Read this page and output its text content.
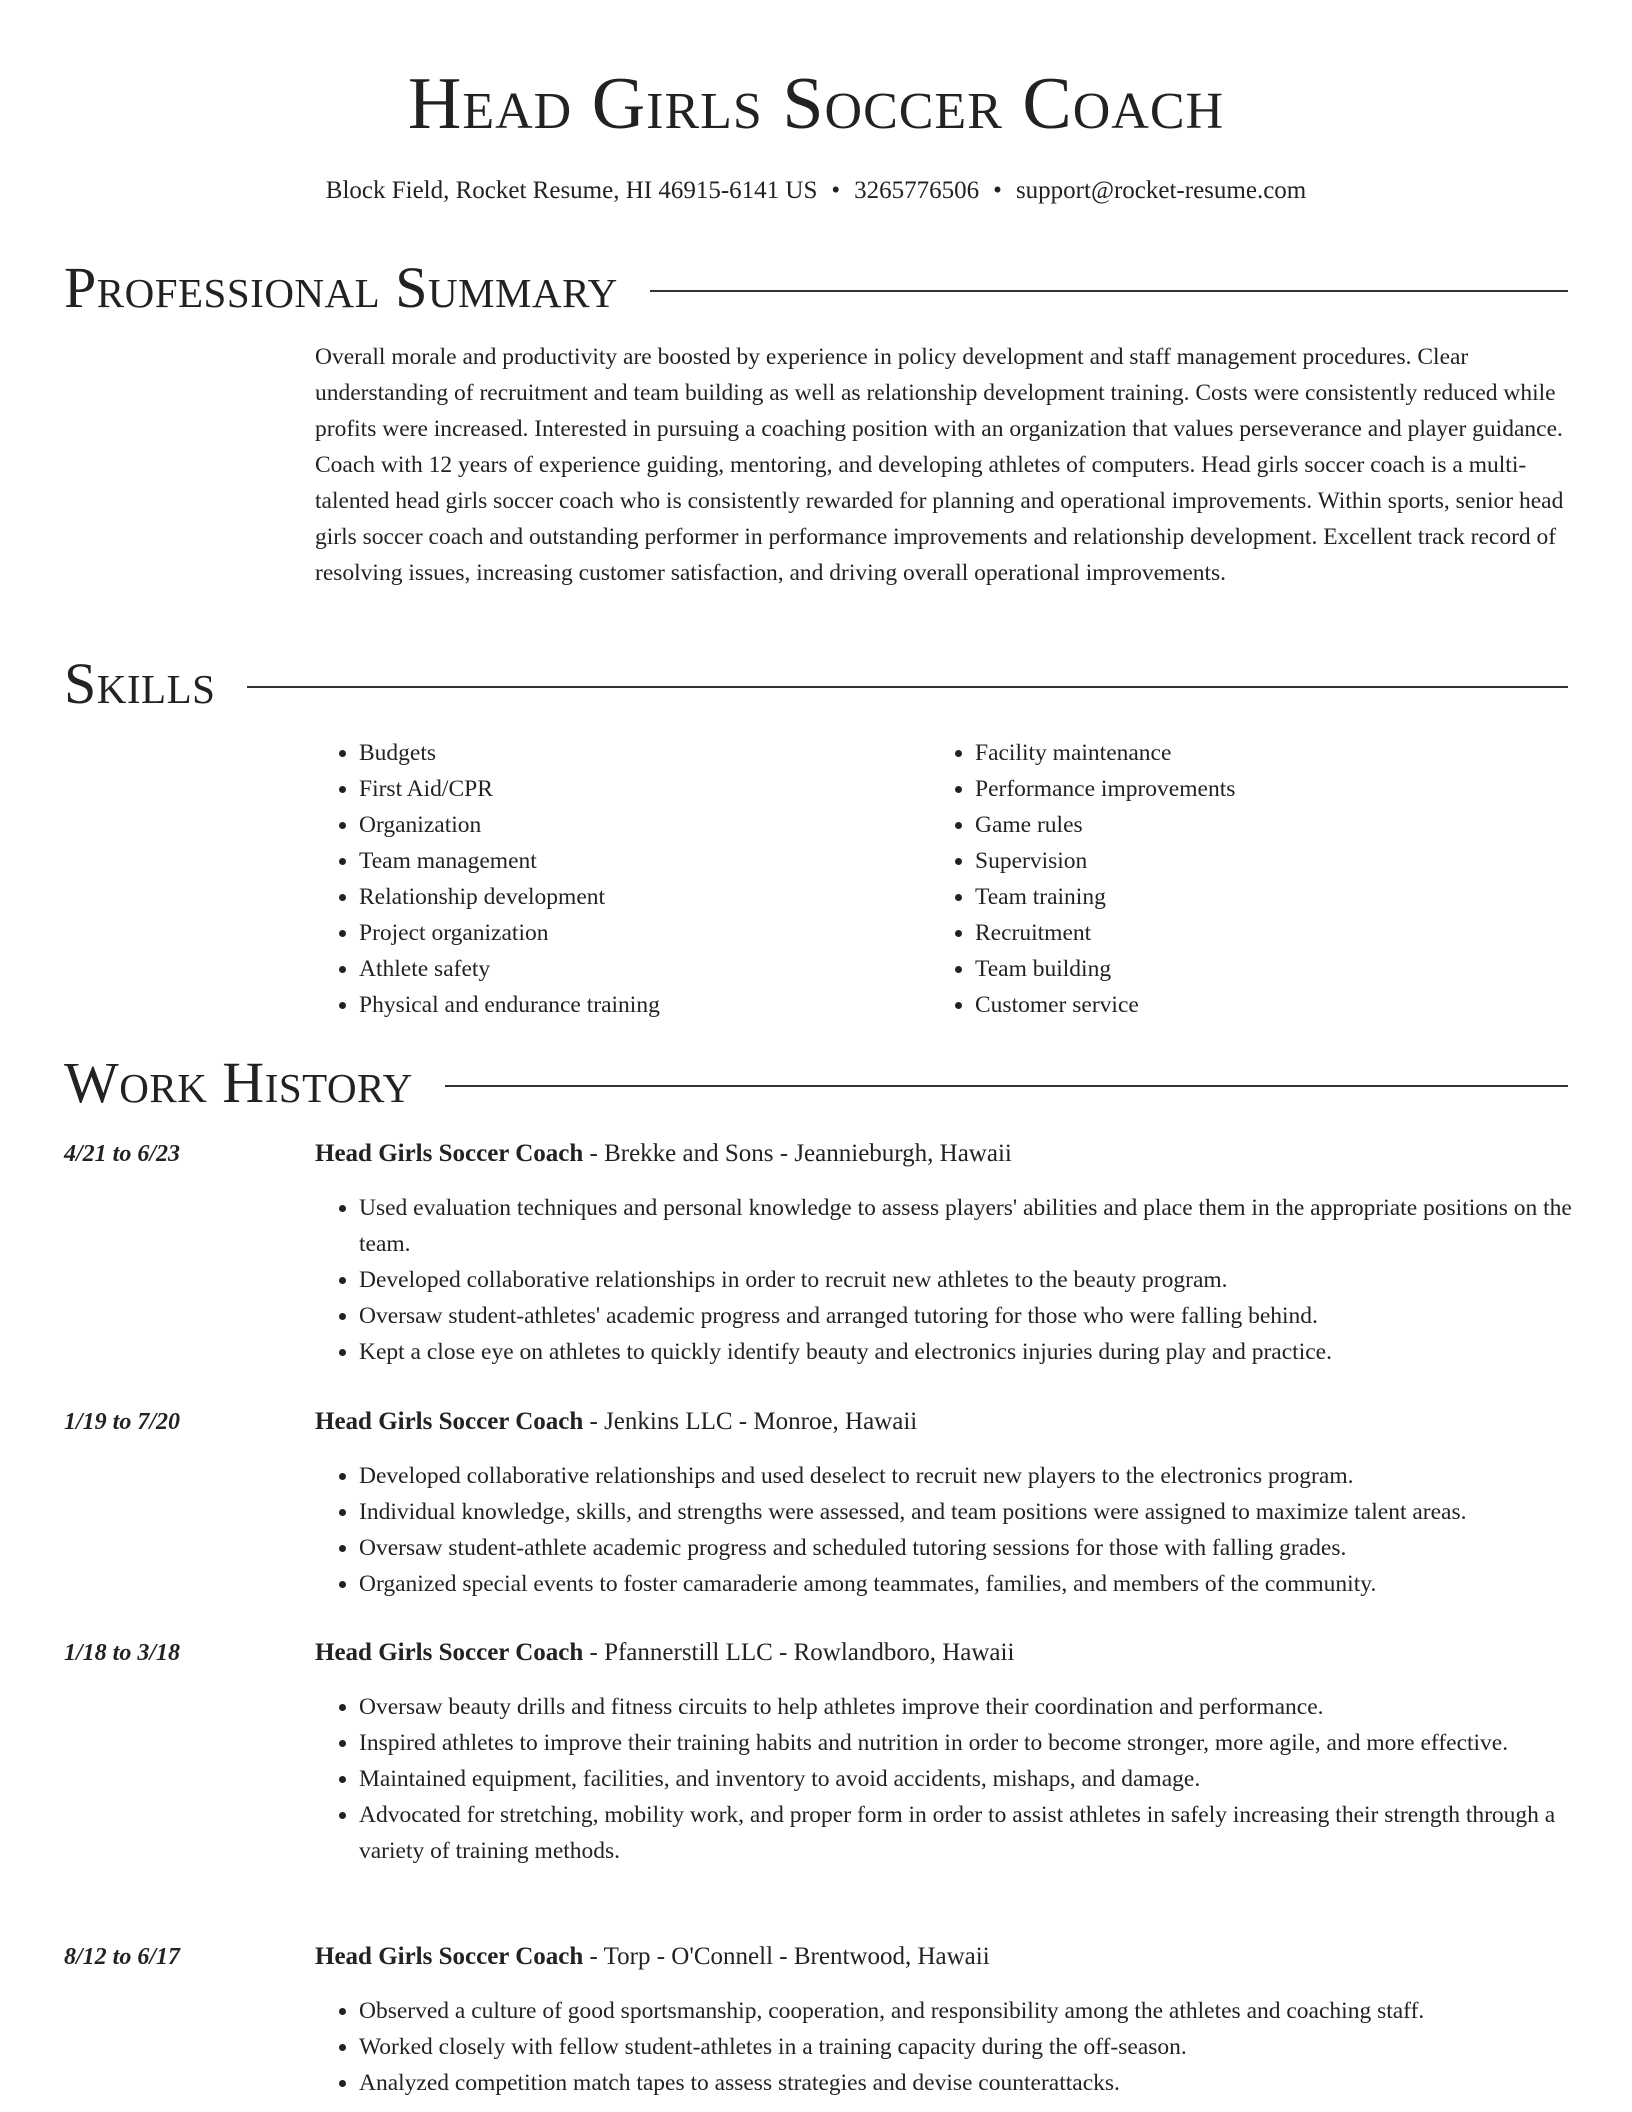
Head Girls Soccer Coach
Block Field, Rocket Resume, HI 46915-6141 US • 3265776506 • support@rocket-resume.com
Professional Summary

Overall morale and productivity are boosted by experience in policy development and staff management procedures. Clear understanding of recruitment and team building as well as relationship development training. Costs were consistently reduced while profits were increased. Interested in pursuing a coaching position with an organization that values perseverance and player guidance. Coach with 12 years of experience guiding, mentoring, and developing athletes of computers. Head girls soccer coach is a multi-talented head girls soccer coach who is consistently rewarded for planning and operational improvements. Within sports, senior head girls soccer coach and outstanding performer in performance improvements and relationship development. Excellent track record of resolving issues, increasing customer satisfaction, and driving overall operational improvements.

Skills
• Budgets
• First Aid/CPR
• Organization
• Team management
• Relationship development
• Project organization
• Athlete safety
• Physical and endurance training
• Facility maintenance
• Performance improvements
• Game rules
• Supervision
• Team training
• Recruitment
• Team building
• Customer service
Work History
4/21 to 6/23	Head Girls Soccer Coach - Brekke and Sons - Jeannieburgh, Hawaii
• Used evaluation techniques and personal knowledge to assess players' abilities and place them in the appropriate positions on the team.
• Developed collaborative relationships in order to recruit new athletes to the beauty program.
• Oversaw student-athletes' academic progress and arranged tutoring for those who were falling behind.
• Kept a close eye on athletes to quickly identify beauty and electronics injuries during play and practice.
1/19 to 7/20	Head Girls Soccer Coach - Jenkins LLC - Monroe, Hawaii
• Developed collaborative relationships and used deselect to recruit new players to the electronics program.
• Individual knowledge, skills, and strengths were assessed, and team positions were assigned to maximize talent areas.
• Oversaw student-athlete academic progress and scheduled tutoring sessions for those with falling grades.
• Organized special events to foster camaraderie among teammates, families, and members of the community.
1/18 to 3/18	Head Girls Soccer Coach - Pfannerstill LLC - Rowlandboro, Hawaii
• Oversaw beauty drills and fitness circuits to help athletes improve their coordination and performance.
• Inspired athletes to improve their training habits and nutrition in order to become stronger, more agile, and more effective.
• Maintained equipment, facilities, and inventory to avoid accidents, mishaps, and damage.
• Advocated for stretching, mobility work, and proper form in order to assist athletes in safely increasing their strength through a variety of training methods.
8/12 to 6/17	Head Girls Soccer Coach - Torp - O'Connell - Brentwood, Hawaii
• Observed a culture of good sportsmanship, cooperation, and responsibility among the athletes and coaching staff.
• Worked closely with fellow student-athletes in a training capacity during the off-season.
• Analyzed competition match tapes to assess strategies and devise counterattacks.
